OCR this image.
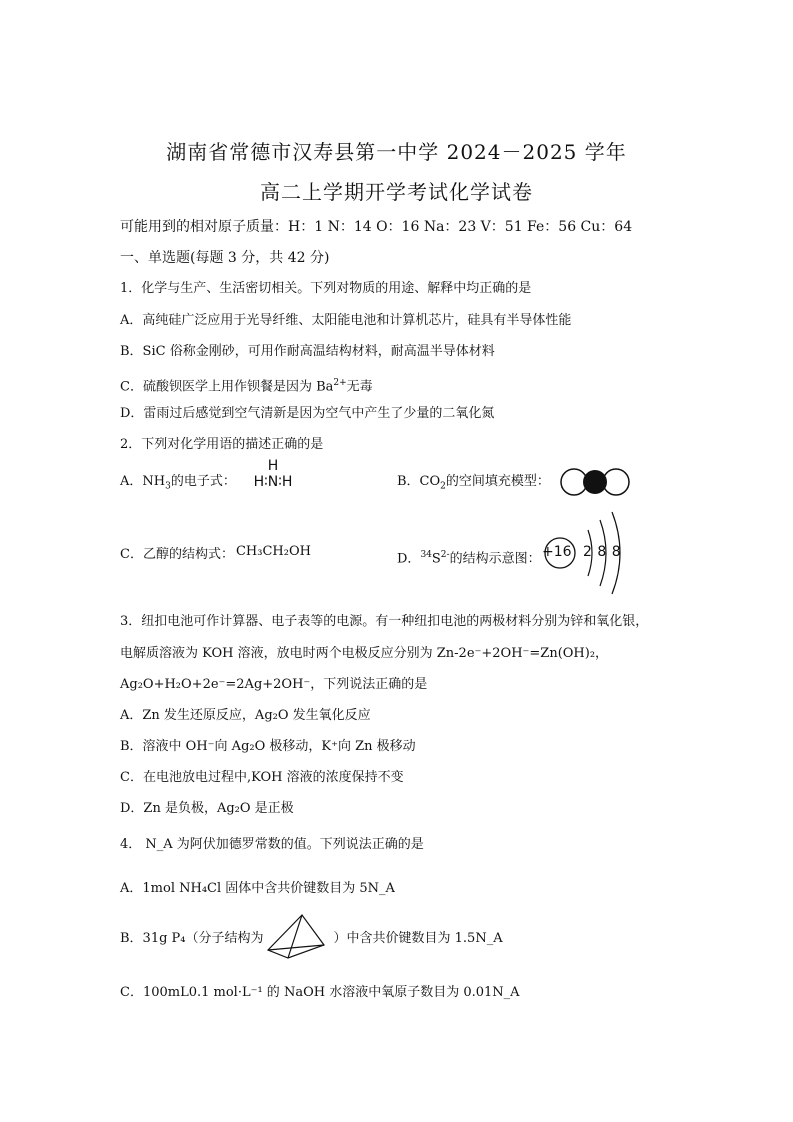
湖南省常德市汉寿县第一中学 2024－2025 学年
高二上学期开学考试化学试卷
可能用到的相对原子质量：H：1 N：14 O：16 Na：23 V：51 Fe：56 Cu：64
一、单选题(每题 3 分，共 42 分)
1．化学与生产、生活密切相关。下列对物质的用途、解释中均正确的是
A．高纯硅广泛应用于光导纤维、太阳能电池和计算机芯片，硅具有半导体性能
B．SiC 俗称金刚砂，可用作耐高温结构材料，耐高温半导体材料
C．硫酸钡医学上用作钡餐是因为 $Ba^{2+}$无毒
D．雷雨过后感觉到空气清新是因为空气中产生了少量的二氧化氮
2．下列对化学用语的描述正确的是
A．$NH_3$的电子式：
H
H∶N∶H	B．$CO_2$的空间填充模型：
C．乙醇的结构式： CH₃CH₂OH	D．$^{34}S^{2-}$的结构示意图： +16 2 8 8
3．纽扣电池可作计算器、电子表等的电源。有一种纽扣电池的两极材料分别为锌和氧化银，
电解质溶液为 KOH 溶液，放电时两个电极反应分别为 Zn-2e⁻+2OH⁻=Zn(OH)₂，
Ag₂O+H₂O+2e⁻=2Ag+2OH⁻，下列说法正确的是
A．Zn 发生还原反应，Ag₂O 发生氧化反应
B．溶液中 OH⁻向 Ag₂O 极移动，K⁺向 Zn 极移动
C．在电池放电过程中,KOH 溶液的浓度保持不变
D．Zn 是负极，Ag₂O 是正极
4． N_A 为阿伏加德罗常数的值。下列说法正确的是
A．1mol NH₄Cl 固体中含共价键数目为 5N_A
B．31g P₄（分子结构为	）中含共价键数目为 1.5N_A
C．100mL0.1 mol·L⁻¹ 的 NaOH 水溶液中氧原子数目为 0.01N_A
